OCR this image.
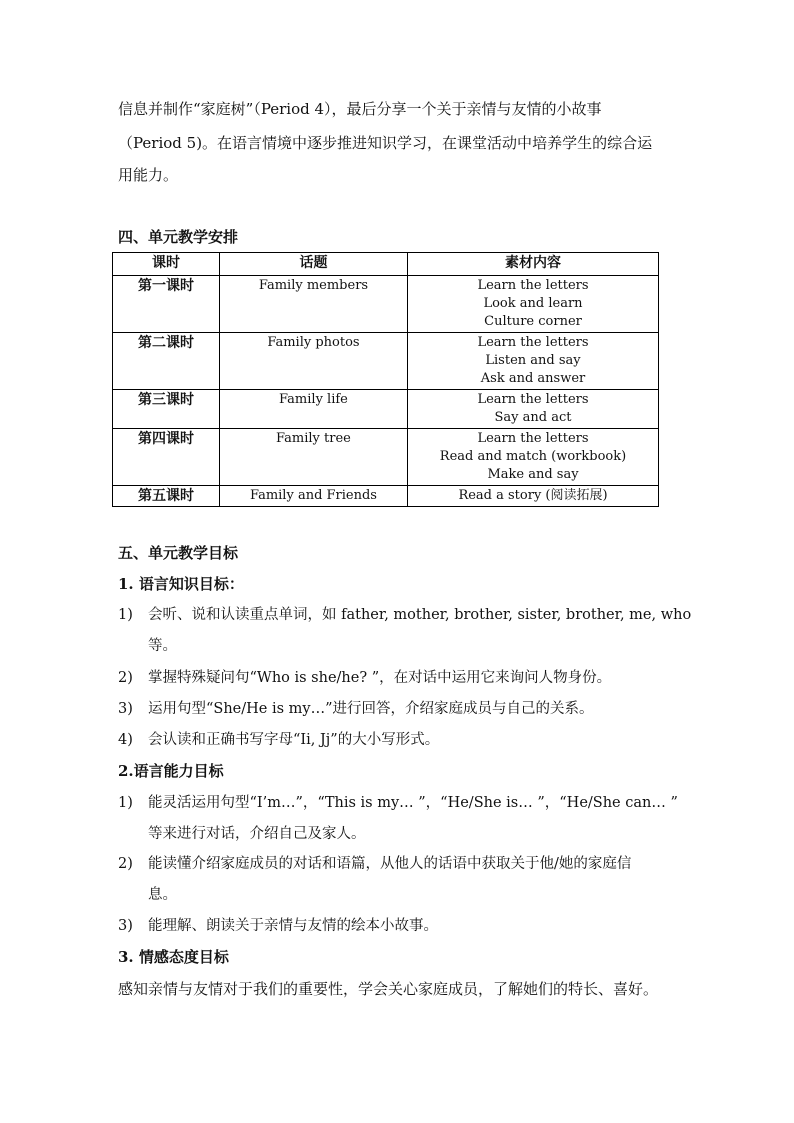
信息并制作“家庭树”（Period 4），最后分享一个关于亲情与友情的小故事
（Period 5)。在语言情境中逐步推进知识学习，在课堂活动中培养学生的综合运
用能力。
四、单元教学安排
课时	话题	素材内容
第一课时	Family members	Learn the letters
Look and learn
Culture corner

第二课时	Family photos	Learn the letters
Listen and say
Ask and answer

第三课时	Family life	Learn the letters
Say and act

第四课时	Family tree	Learn the letters
Read and match (workbook)
Make and say

第五课时	Family and Friends	Read a story (阅读拓展)
五、单元教学目标
1. 语言知识目标：
1) 会听、说和认读重点单词，如 father, mother, brother, sister, brother, me, who
等。
2) 掌握特殊疑问句“Who is she/he? ”，在对话中运用它来询问人物身份。
3) 运用句型“She/He is my…”进行回答，介绍家庭成员与自己的关系。
4) 会认读和正确书写字母“Ii, Jj”的大小写形式。
2.语言能力目标
1) 能灵活运用句型“I’m…”，“This is my… ”，“He/She is… ”，“He/She can… ”
等来进行对话，介绍自己及家人。
2) 能读懂介绍家庭成员的对话和语篇，从他人的话语中获取关于他/她的家庭信
息。
3) 能理解、朗读关于亲情与友情的绘本小故事。
3. 情感态度目标
感知亲情与友情对于我们的重要性，学会关心家庭成员，了解她们的特长、喜好。
